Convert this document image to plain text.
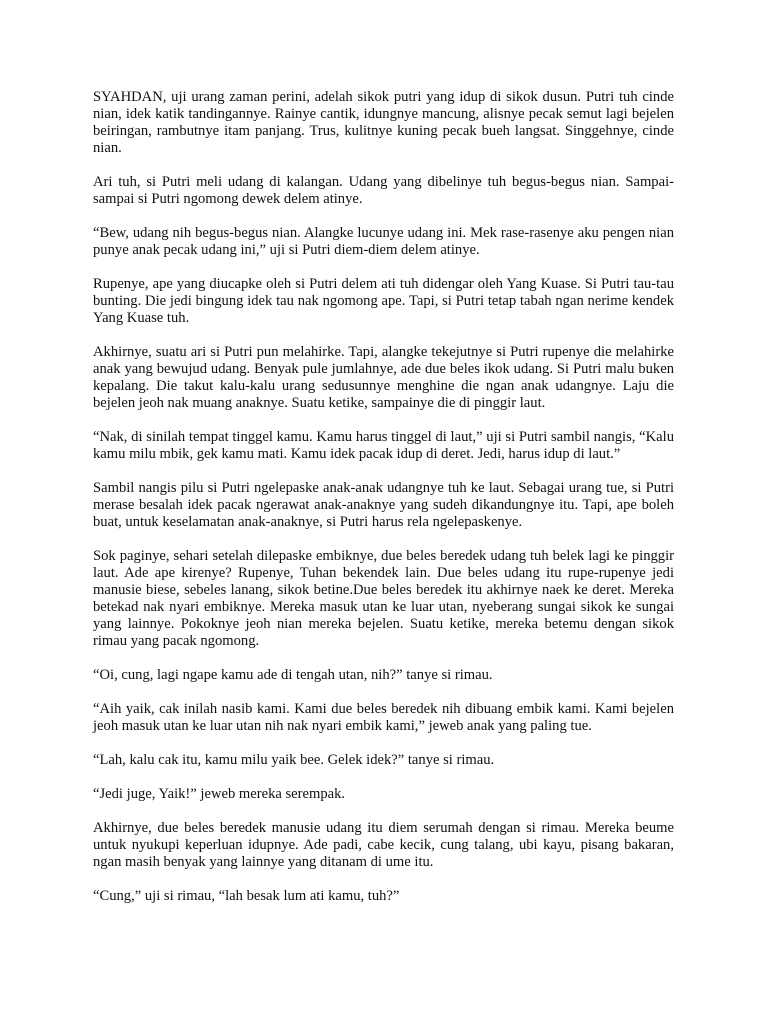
SYAHDAN, uji urang zaman perini, adelah sikok putri yang idup di sikok dusun. Putri tuh cinde nian, idek katik tandingannye. Rainye cantik, idungnye mancung, alisnye pecak semut lagi bejelen beiringan, rambutnye itam panjang. Trus, kulitnye kuning pecak bueh langsat. Singgehnye, cinde nian.

Ari tuh, si Putri meli udang di kalangan. Udang yang dibelinye tuh begus-begus nian. Sampai-sampai si Putri ngomong dewek delem atinye.

“Bew, udang nih begus-begus nian. Alangke lucunye udang ini. Mek rase-rasenye aku pengen nian punye anak pecak udang ini,” uji si Putri diem-diem delem atinye.

Rupenye, ape yang diucapke oleh si Putri delem ati tuh didengar oleh Yang Kuase. Si Putri tau-tau bunting. Die jedi bingung idek tau nak ngomong ape. Tapi, si Putri tetap tabah ngan nerime kendek Yang Kuase tuh.

Akhirnye, suatu ari si Putri pun melahirke. Tapi, alangke tekejutnye si Putri rupenye die melahirke anak yang bewujud udang. Benyak pule jumlahnye, ade due beles ikok udang. Si Putri malu buken kepalang. Die takut kalu-kalu urang sedusunnye menghine die ngan anak udangnye. Laju die bejelen jeoh nak muang anaknye. Suatu ketike, sampainye die di pinggir laut.

“Nak, di sinilah tempat tinggel kamu. Kamu harus tinggel di laut,” uji si Putri sambil nangis, “Kalu kamu milu mbik, gek kamu mati. Kamu idek pacak idup di deret. Jedi, harus idup di laut.”

Sambil nangis pilu si Putri ngelepaske anak-anak udangnye tuh ke laut. Sebagai urang tue, si Putri merase besalah idek pacak ngerawat anak-anaknye yang sudeh dikandungnye itu. Tapi, ape boleh buat, untuk keselamatan anak-anaknye, si Putri harus rela ngelepaskenye.

Sok paginye, sehari setelah dilepaske embiknye, due beles beredek udang tuh belek lagi ke pinggir laut. Ade ape kirenye? Rupenye, Tuhan bekendek lain. Due beles udang itu rupe-rupenye jedi manusie biese, sebeles lanang, sikok betine.Due beles beredek itu akhirnye naek ke deret. Mereka betekad nak nyari embiknye. Mereka masuk utan ke luar utan, nyeberang sungai sikok ke sungai yang lainnye. Pokoknye jeoh nian mereka bejelen. Suatu ketike, mereka betemu dengan sikok rimau yang pacak ngomong.

“Oi, cung, lagi ngape kamu ade di tengah utan, nih?” tanye si rimau.

“Aih yaik, cak inilah nasib kami. Kami due beles beredek nih dibuang embik kami. Kami bejelen jeoh masuk utan ke luar utan nih nak nyari embik kami,” jeweb anak yang paling tue.

“Lah, kalu cak itu, kamu milu yaik bee. Gelek idek?” tanye si rimau.

“Jedi juge, Yaik!” jeweb mereka serempak.

Akhirnye, due beles beredek manusie udang itu diem serumah dengan si rimau. Mereka beume untuk nyukupi keperluan idupnye. Ade padi, cabe kecik, cung talang, ubi kayu, pisang bakaran, ngan masih benyak yang lainnye yang ditanam di ume itu.

“Cung,” uji si rimau, “lah besak lum ati kamu, tuh?”
